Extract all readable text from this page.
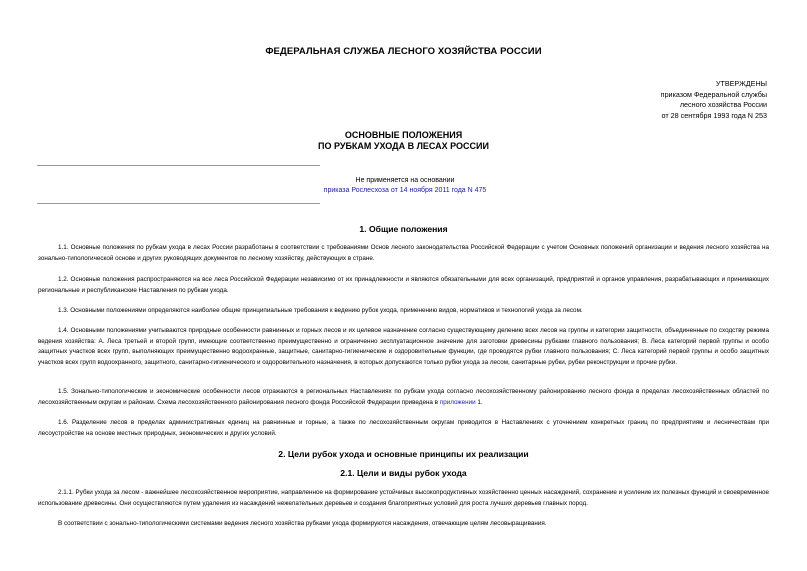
ФЕДЕРАЛЬНАЯ СЛУЖБА ЛЕСНОГО ХОЗЯЙСТВА РОССИИ
УТВЕРЖДЕНЫ
приказом Федеральной службы
лесного хозяйства России
от 28 сентября 1993 года N 253
ОСНОВНЫЕ ПОЛОЖЕНИЯ
ПО РУБКАМ УХОДА В ЛЕСАХ РОССИИ
Не применяется на основании
приказа Рослесхоза от 14 ноября 2011 года N 475
1. Общие положения
1.1. Основные положения по рубкам ухода в лесах России разработаны в соответствии с требованиями Основ лесного законодательства Российской Федерации с учетом Основных положений организации и ведения лесного хозяйства на зонально-типологической основе и других руководящих документов по лесному хозяйству, действующих в стране.
1.2. Основные положения распространяются на все леса Российской Федерации независимо от их принадлежности и являются обязательными для всех организаций, предприятий и органов управления, разрабатывающих и принимающих региональные и республиканские Наставления по рубкам ухода.
1.3. Основными положениями определяются наиболее общие принципиальные требования к ведению рубок ухода, применению видов, нормативов и технологий ухода за лесом.
1.4. Основными положениями учитываются природные особенности равнинных и горных лесов и их целевое назначение согласно существующему делению всех лесов на группы и категории защитности, объединенные по сходству режима ведения хозяйства: А. Леса третьей и второй групп, имеющие соответственно преимущественно и ограниченно эксплуатационное значение для заготовки древесины рубками главного пользования; В. Леса категорий первой группы и особо защитных участков всех групп, выполняющих преимущественно водоохранные, защитные, санитарно-гигиенические и оздоровительные функции, где проводятся рубки главного пользования; С. Леса категорий первой группы и особо защитных участков всех групп водоохранного, защитного, санитарно-гигиенического и оздоровительного назначения, в которых допускаются только рубки ухода за лесом, санитарные рубки, рубки реконструкции и прочие рубки.
1.5. Зонально-типологические и экономические особенности лесов отражаются в региональных Наставлениях по рубкам ухода согласно лесохозяйственному районированию лесного фонда в пределах лесохозяйственных областей по лесохозяйственным округам и районам. Схема лесохозяйственного районирования лесного фонда Российской Федерации приведена в приложении 1.
1.6. Разделение лесов в пределах административных единиц на равнинные и горные, а также по лесохозяйственным округам приводится в Наставлениях с уточнением конкретных границ по предприятиям и лесничествам при лесоустройстве на основе местных природных, экономических и других условий.
2. Цели рубок ухода и основные принципы их реализации
2.1. Цели и виды рубок ухода
2.1.1. Рубки ухода за лесом - важнейшее лесохозяйственное мероприятие, направленное на формирование устойчивых высокопродуктивных хозяйственно ценных насаждений, сохранение и усиление их полезных функций и своевременное использование древесины. Они осуществляются путем удаления из насаждений нежелательных деревьев и создания благоприятных условий для роста лучших деревьев главных пород.
В соответствии с зонально-типологическими системами ведения лесного хозяйства рубками ухода формируются насаждения, отвечающие целям лесовыращивания.
